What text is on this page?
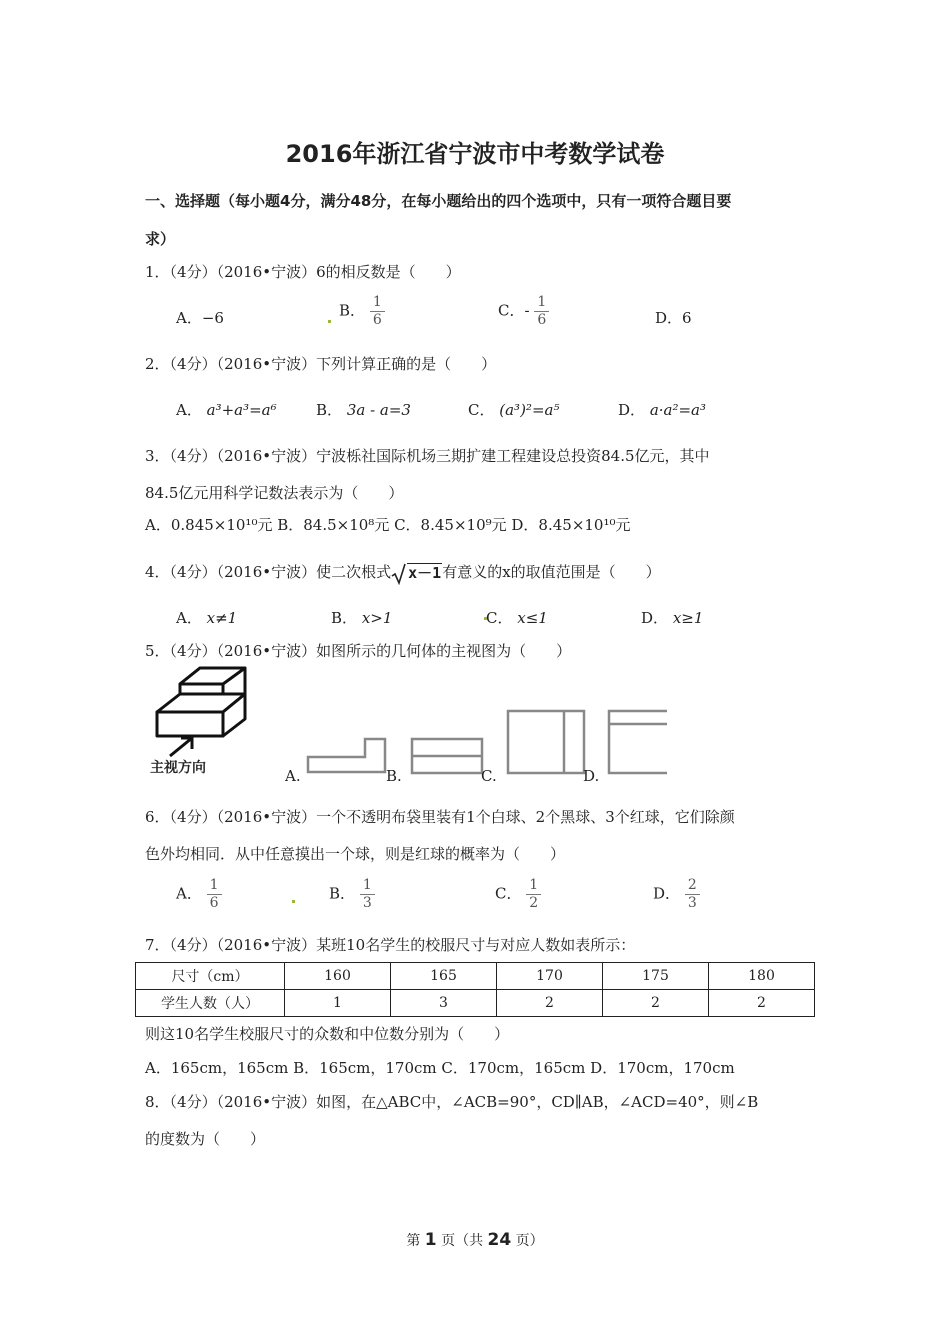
2016年浙江省宁波市中考数学试卷
一、选择题（每小题4分，满分48分，在每小题给出的四个选项中，只有一项符合题目要
求）
1．（4分）（2016•宁波）6的相反数是（　　）
A．−6	B． $\frac{1}{6}$	C．- $\frac{1}{6}$	D．6
2．（4分）（2016•宁波）下列计算正确的是（　　）
A． a³+a³=a⁶	B． 3a - a=3	C． (a³)²=a⁵	D． a·a²=a³
3．（4分）（2016•宁波）宁波栎社国际机场三期扩建工程建设总投资84.5亿元，其中
84.5亿元用科学记数法表示为（　　）
A．0.845×10¹⁰元 B．84.5×10⁸元 C．8.45×10⁹元 D．8.45×10¹⁰元
4．（4分）（2016•宁波）使二次根式 x－1有意义的x的取值范围是（　　）
A． x≠1	B． x>1	C． x≤1	D． x≥1
5．（4分）（2016•宁波）如图所示的几何体的主视图为（　　）
主视方向	A.	B.	C.	D.
6．（4分）（2016•宁波）一个不透明布袋里装有1个白球、2个黑球、3个红球，它们除颜
色外均相同．从中任意摸出一个球，则是红球的概率为（　　）
A． $\frac{1}{6}$	B． $\frac{1}{3}$	C． $\frac{1}{2}$	D． $\frac{2}{3}$
7．（4分）（2016•宁波）某班10名学生的校服尺寸与对应人数如表所示：
尺寸（cm）	160	165	170	175	180
学生人数（人）	1	3	2	2	2
则这10名学生校服尺寸的众数和中位数分别为（　　）
A．165cm，165cm B．165cm，170cm C．170cm，165cm D．170cm，170cm
8．（4分）（2016•宁波）如图，在△ABC中，∠ACB=90°，CD∥AB，∠ACD=40°，则∠B
的度数为（　　）
第 1 页（共 24 页）
